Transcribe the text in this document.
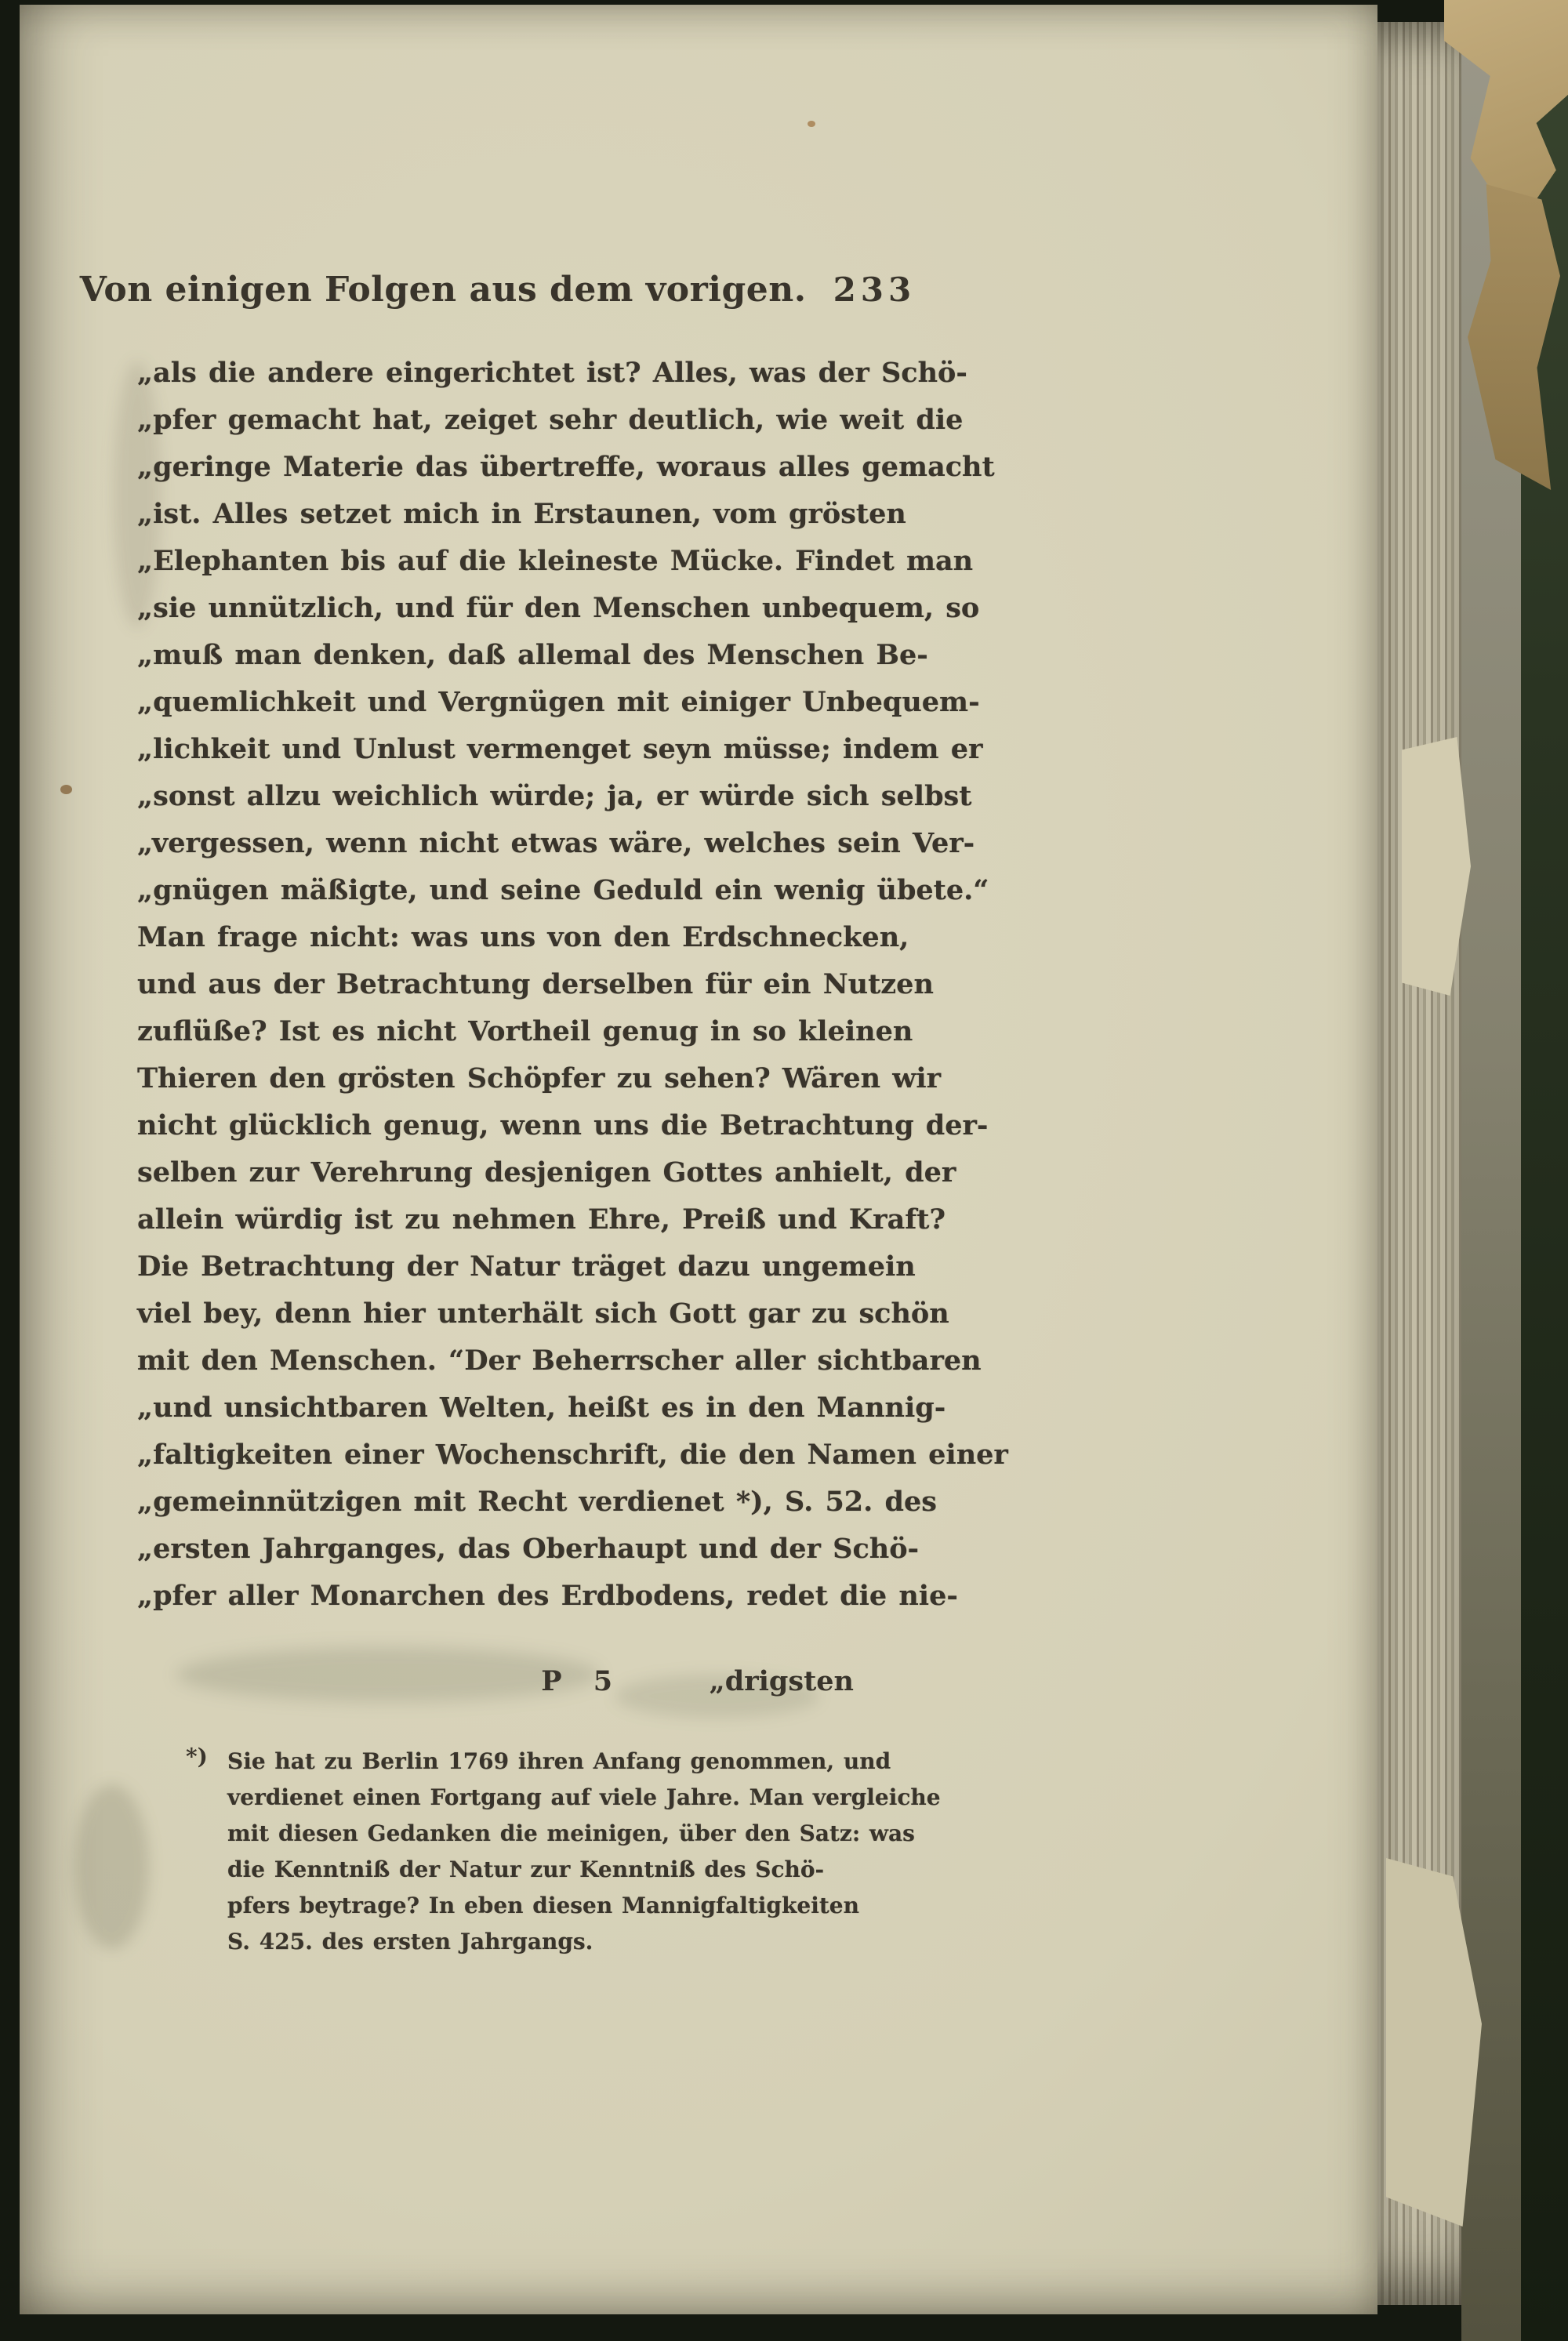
Von einigen Folgen aus dem vorigen. 233
„als die andere eingerichtet ist? Alles, was der Schö-
„pfer gemacht hat, zeiget sehr deutlich, wie weit die
„geringe Materie das übertreffe, woraus alles gemacht
„ist. Alles setzet mich in Erstaunen, vom grösten
„Elephanten bis auf die kleineste Mücke. Findet man
„sie unnützlich, und für den Menschen unbequem, so
„muß man denken, daß allemal des Menschen Be-
„quemlichkeit und Vergnügen mit einiger Unbequem-
„lichkeit und Unlust vermenget seyn müsse; indem er
„sonst allzu weichlich würde; ja, er würde sich selbst
„vergessen, wenn nicht etwas wäre, welches sein Ver-
„gnügen mäßigte, und seine Geduld ein wenig übete.“
Man frage nicht: was uns von den Erdschnecken,
und aus der Betrachtung derselben für ein Nutzen
zuflüße? Ist es nicht Vortheil genug in so kleinen
Thieren den grösten Schöpfer zu sehen? Wären wir
nicht glücklich genug, wenn uns die Betrachtung der-
selben zur Verehrung desjenigen Gottes anhielt, der
allein würdig ist zu nehmen Ehre, Preiß und Kraft?
Die Betrachtung der Natur träget dazu ungemein
viel bey, denn hier unterhält sich Gott gar zu schön
mit den Menschen. “Der Beherrscher aller sichtbaren
„und unsichtbaren Welten, heißt es in den Mannig-
„faltigkeiten einer Wochenschrift, die den Namen einer
„gemeinnützigen mit Recht verdienet *), S. 52. des
„ersten Jahrganges, das Oberhaupt und der Schö-
„pfer aller Monarchen des Erdbodens, redet die nie-
P 5	„drigsten
*) Sie hat zu Berlin 1769 ihren Anfang genommen, und
verdienet einen Fortgang auf viele Jahre. Man vergleiche
mit diesen Gedanken die meinigen, über den Satz: was
die Kenntniß der Natur zur Kenntniß des Schö-
pfers beytrage? In eben diesen Mannigfaltigkeiten
S. 425. des ersten Jahrgangs.
